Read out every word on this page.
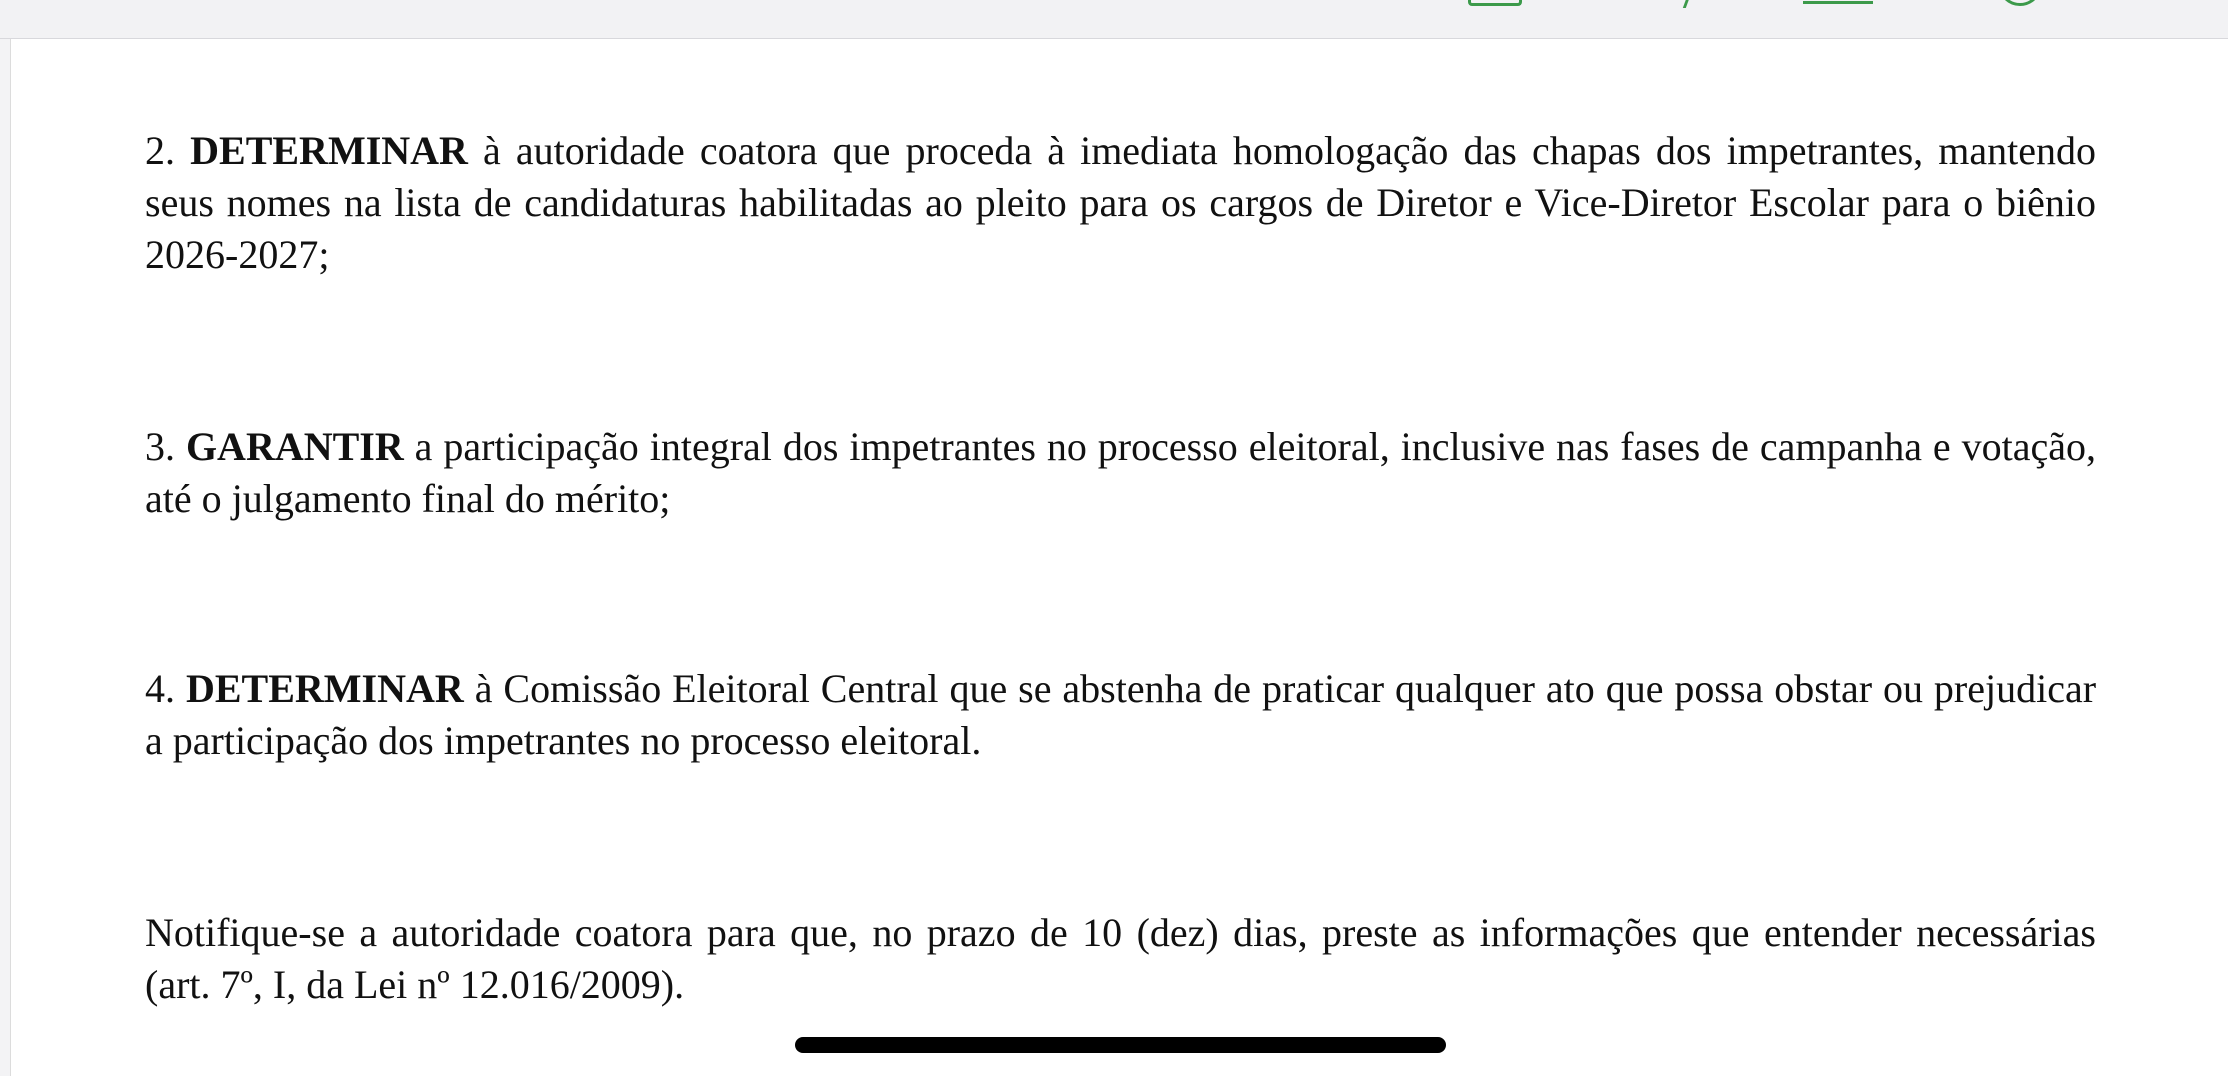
2. DETERMINAR à autoridade coatora que proceda à imediata homologação das chapas dos impetrantes, mantendo seus nomes na lista de candidaturas habilitadas ao pleito para os cargos de Diretor e Vice-Diretor Escolar para o biênio 2026-2027;

3. GARANTIR a participação integral dos impetrantes no processo eleitoral, inclusive nas fases de campanha e votação, até o julgamento final do mérito;

4. DETERMINAR à Comissão Eleitoral Central que se abstenha de praticar qualquer ato que possa obstar ou prejudicar a participação dos impetrantes no processo eleitoral.

Notifique-se a autoridade coatora para que, no prazo de 10 (dez) dias, preste as informações que entender necessárias (art. 7º, I, da Lei nº 12.016/2009).
